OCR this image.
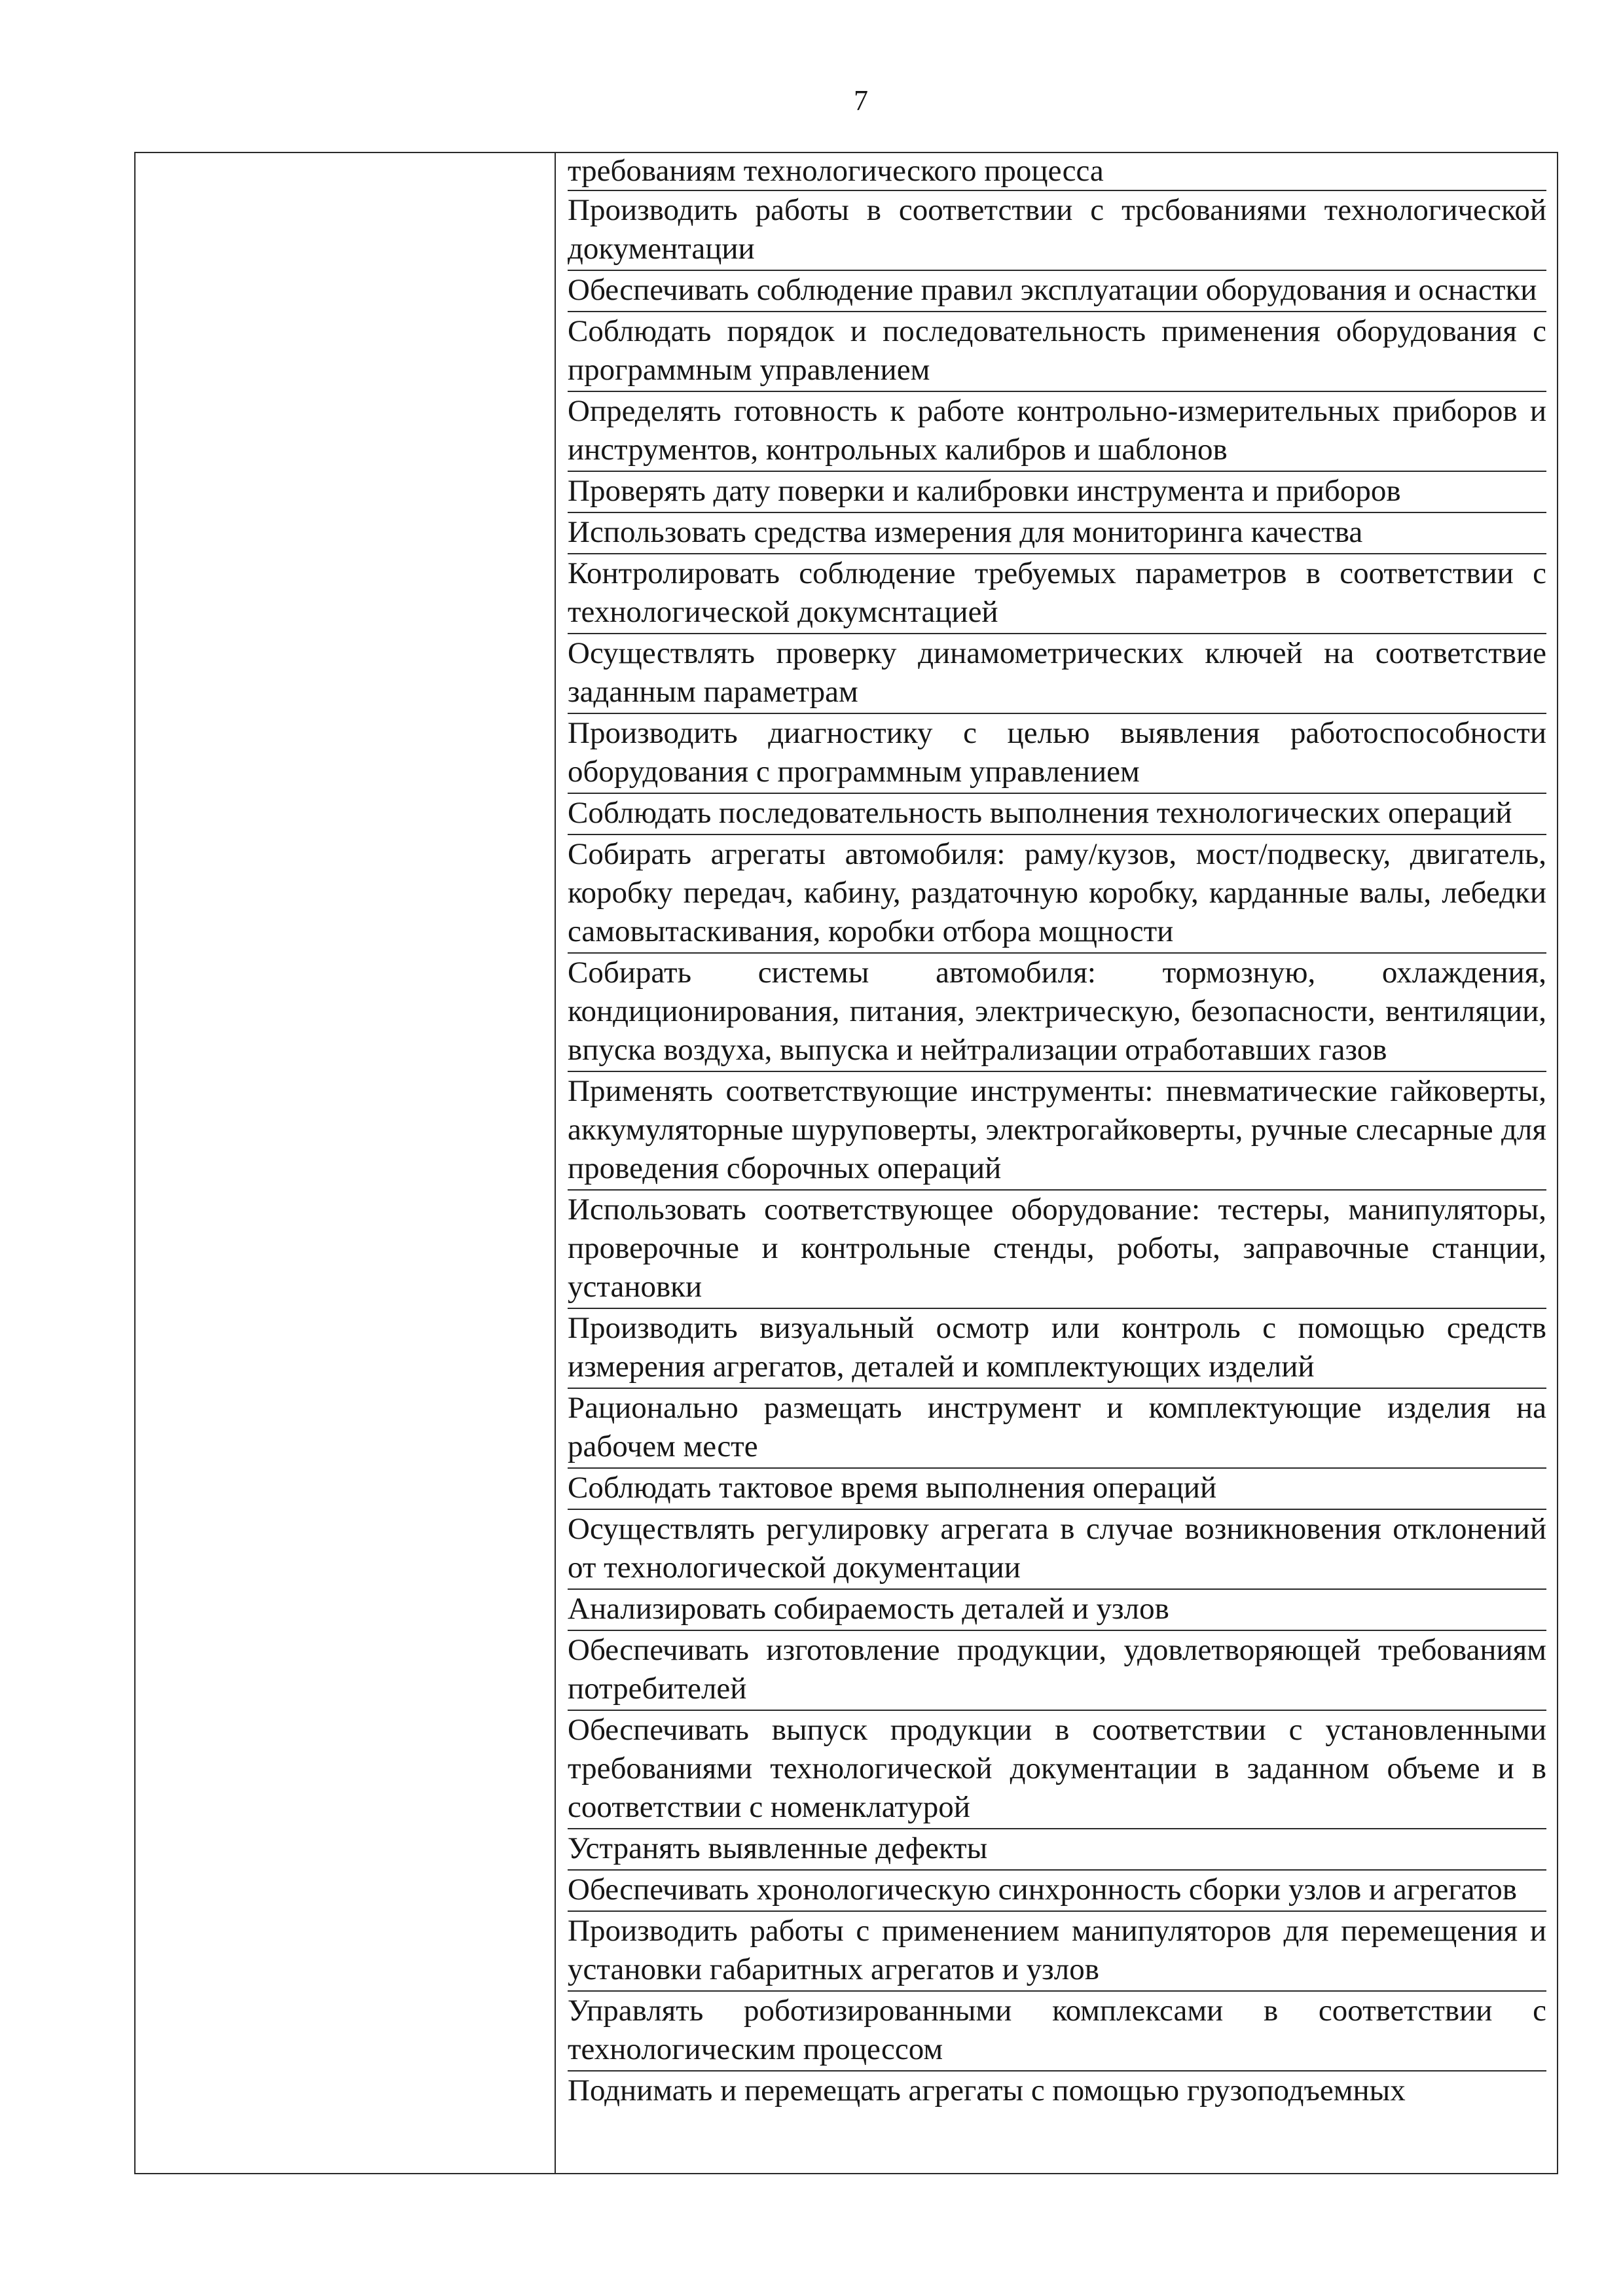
7

требованиям технологического процесса
Производить работы в соответствии с трсбованиями технологической документации
Обеспечивать соблюдение правил эксплуатации оборудования и оснастки
Соблюдать порядок и последовательность применения оборудования с программным управлением
Определять готовность к работе контрольно-измерительных приборов и инструментов, контрольных калибров и шаблонов
Проверять дату поверки и калибровки инструмента и приборов
Использовать средства измерения для мониторинга качества
Контролировать соблюдение требуемых параметров в соответствии с технологической докумснтацией
Осуществлять проверку динамометрических ключей на соответствие заданным параметрам
Производить диагностику с целью выявления работоспособности оборудования с программным управлением
Соблюдать последовательность выполнения технологических операций
Собирать агрегаты автомобиля: раму/кузов, мост/подвеску, двигатель, коробку передач, кабину, раздаточную коробку, карданные валы, лебедки самовытаскивания, коробки отбора мощности
Собирать системы автомобиля: тормозную, охлаждения, кондиционирования, питания, электрическую, безопасности, вентиляции, впуска воздуха, выпуска и нейтрализации отработавших газов
Применять соответствующие инструменты: пневматические гайковерты, аккумуляторные шуруповерты, электрогайковерты, ручные слесарные для проведения сборочных операций
Использовать соответствующее оборудование: тестеры, манипуляторы, проверочные и контрольные стенды, роботы, заправочные станции, установки
Производить визуальный осмотр или контроль с помощью средств измерения агрегатов, деталей и комплектующих изделий
Рационально размещать инструмент и комплектующие изделия на рабочем месте
Соблюдать тактовое время выполнения операций
Осуществлять регулировку агрегата в случае возникновения отклонений от технологической документации
Анализировать собираемость деталей и узлов
Обеспечивать изготовление продукции, удовлетворяющей требованиям потребителей
Обеспечивать выпуск продукции в соответствии с установленными требованиями технологической документации в заданном объеме и в соответствии с номенклатурой
Устранять выявленные дефекты
Обеспечивать хронологическую синхронность сборки узлов и агрегатов
Производить работы с применением манипуляторов для перемещения и установки габаритных агрегатов и узлов
Управлять роботизированными комплексами в соответствии с технологическим процессом
Поднимать и перемещать агрегаты с помощью грузоподъемных
